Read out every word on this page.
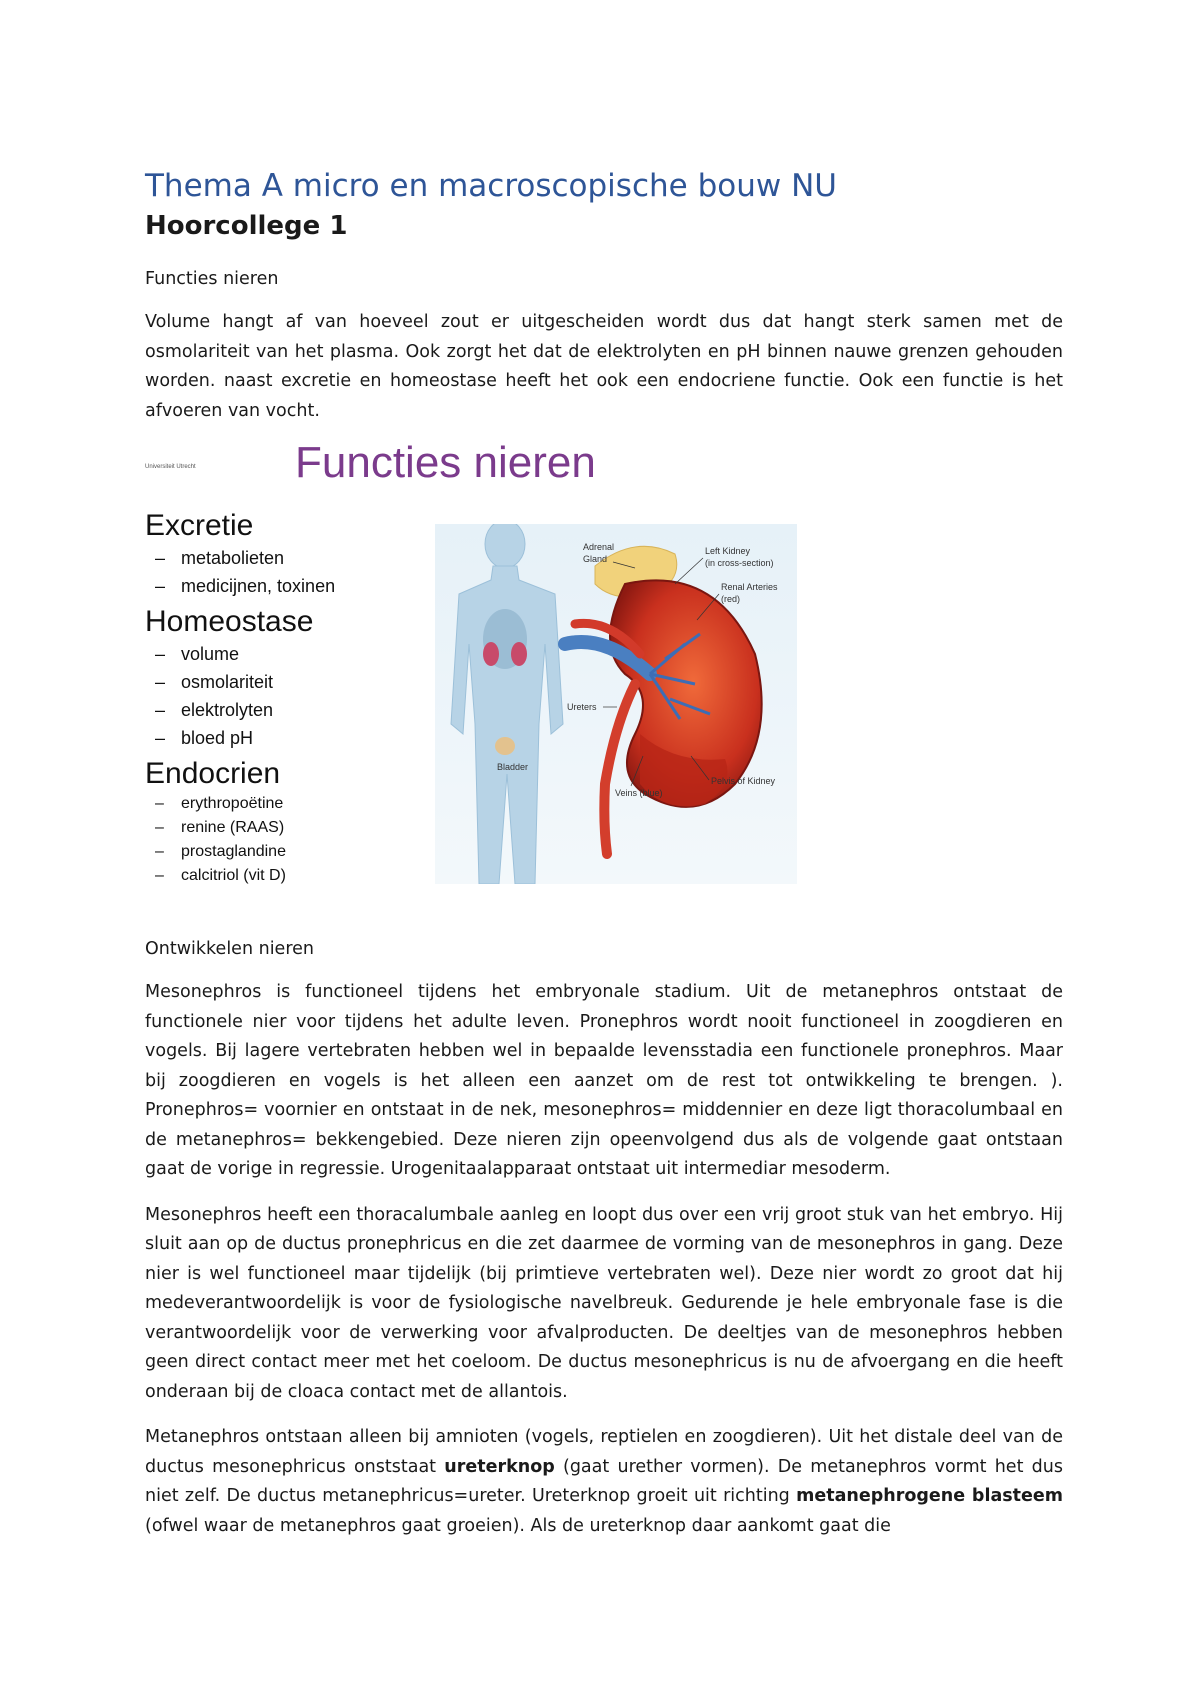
Thema A micro en macroscopische bouw NU
Hoorcollege 1
Functies nieren

Volume hangt af van hoeveel zout er uitgescheiden wordt dus dat hangt sterk samen met de osmolariteit van het plasma. Ook zorgt het dat de elektrolyten en pH binnen nauwe grenzen gehouden worden. naast excretie en homeostase heeft het ook een endocriene functie. Ook een functie is het afvoeren van vocht.

Universiteit Utrecht Functies nieren
Excretie
– metabolieten
– medicijnen, toxinen
Homeostase
– volume
– osmolariteit
– elektrolyten
– bloed pH
Endocrien
– erythropoëtine
– renine (RAAS)
– prostaglandine
– calcitriol (vit D)
Adrenal
Gland
Left Kidney
(in cross-section)
Renal Arteries
(red)
Ureters
Bladder
Veins (blue)
Pelvis of Kidney
Ontwikkelen nieren

Mesonephros is functioneel tijdens het embryonale stadium. Uit de metanephros ontstaat de functionele nier voor tijdens het adulte leven. Pronephros wordt nooit functioneel in zoogdieren en vogels. Bij lagere vertebraten hebben wel in bepaalde levensstadia een functionele pronephros. Maar bij zoogdieren en vogels is het alleen een aanzet om de rest tot ontwikkeling te brengen. ). Pronephros= voornier en ontstaat in de nek, mesonephros= middennier en deze ligt thoracolumbaal en de metanephros= bekkengebied. Deze nieren zijn opeenvolgend dus als de volgende gaat ontstaan gaat de vorige in regressie. Urogenitaalapparaat ontstaat uit intermediar mesoderm.

Mesonephros heeft een thoracalumbale aanleg en loopt dus over een vrij groot stuk van het embryo. Hij sluit aan op de ductus pronephricus en die zet daarmee de vorming van de mesonephros in gang. Deze nier is wel functioneel maar tijdelijk (bij primtieve vertebraten wel). Deze nier wordt zo groot dat hij medeverantwoordelijk is voor de fysiologische navelbreuk. Gedurende je hele embryonale fase is die verantwoordelijk voor de verwerking voor afvalproducten. De deeltjes van de mesonephros hebben geen direct contact meer met het coeloom. De ductus mesonephricus is nu de afvoergang en die heeft onderaan bij de cloaca contact met de allantois.

Metanephros ontstaan alleen bij amnioten (vogels, reptielen en zoogdieren). Uit het distale deel van de ductus mesonephricus onststaat ureterknop (gaat urether vormen). De metanephros vormt het dus niet zelf. De ductus metanephricus=ureter. Ureterknop groeit uit richting metanephrogene blasteem (ofwel waar de metanephros gaat groeien). Als de ureterknop daar aankomt gaat die
